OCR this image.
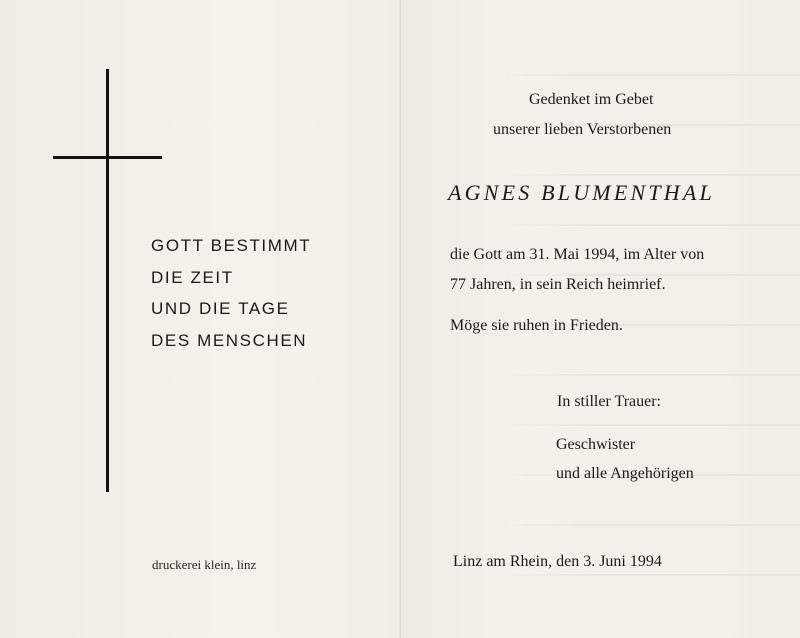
GOTT BESTIMMT
DIE ZEIT
UND DIE TAGE
DES MENSCHEN
druckerei klein, linz
Gedenket im Gebet
unserer lieben Verstorbenen
AGNES BLUMENTHAL
die Gott am 31. Mai 1994, im Alter von
77 Jahren, in sein Reich heimrief.
Möge sie ruhen in Frieden.
In stiller Trauer:
Geschwister
und alle Angehörigen
Linz am Rhein, den 3. Juni 1994
